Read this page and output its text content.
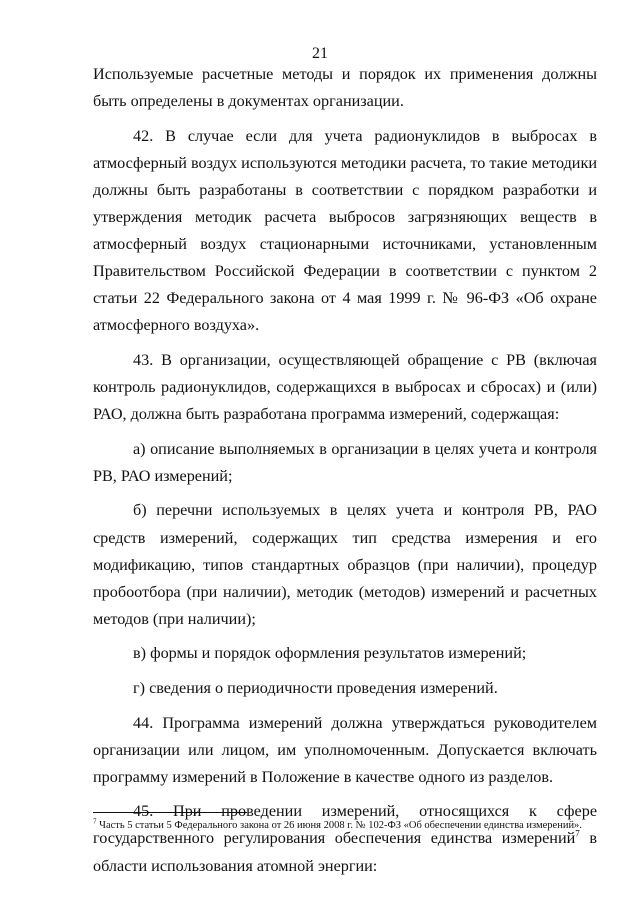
21

Используемые расчетные методы и порядок их применения должны быть определены в документах организации.

42. В случае если для учета радионуклидов в выбросах в атмосферный воздух используются методики расчета, то такие методики должны быть разработаны в соответствии с порядком разработки и утверждения методик расчета выбросов загрязняющих веществ в атмосферный воздух стационарными источниками, установленным Правительством Российской Федерации в соответствии с пунктом 2 статьи 22 Федерального закона от 4 мая 1999 г. № 96-ФЗ «Об охране атмосферного воздуха».

43. В организации, осуществляющей обращение с РВ (включая контроль радионуклидов, содержащихся в выбросах и сбросах) и (или) РАО, должна быть разработана программа измерений, содержащая:

а) описание выполняемых в организации в целях учета и контроля РВ, РАО измерений;

б) перечни используемых в целях учета и контроля РВ, РАО средств измерений, содержащих тип средства измерения и его модификацию, типов стандартных образцов (при наличии), процедур пробоотбора (при наличии), методик (методов) измерений и расчетных методов (при наличии);

в) формы и порядок оформления результатов измерений;

г) сведения о периодичности проведения измерений.

44. Программа измерений должна утверждаться руководителем организации или лицом, им уполномоченным. Допускается включать программу измерений в Положение в качестве одного из разделов.

45. При проведении измерений, относящихся к сфере государственного регулирования обеспечения единства измерений$^7$ в области использования атомной энергии:

$^7$ Часть 5 статьи 5 Федерального закона от 26 июня 2008 г. № 102-ФЗ «Об обеспечении единства измерений».
